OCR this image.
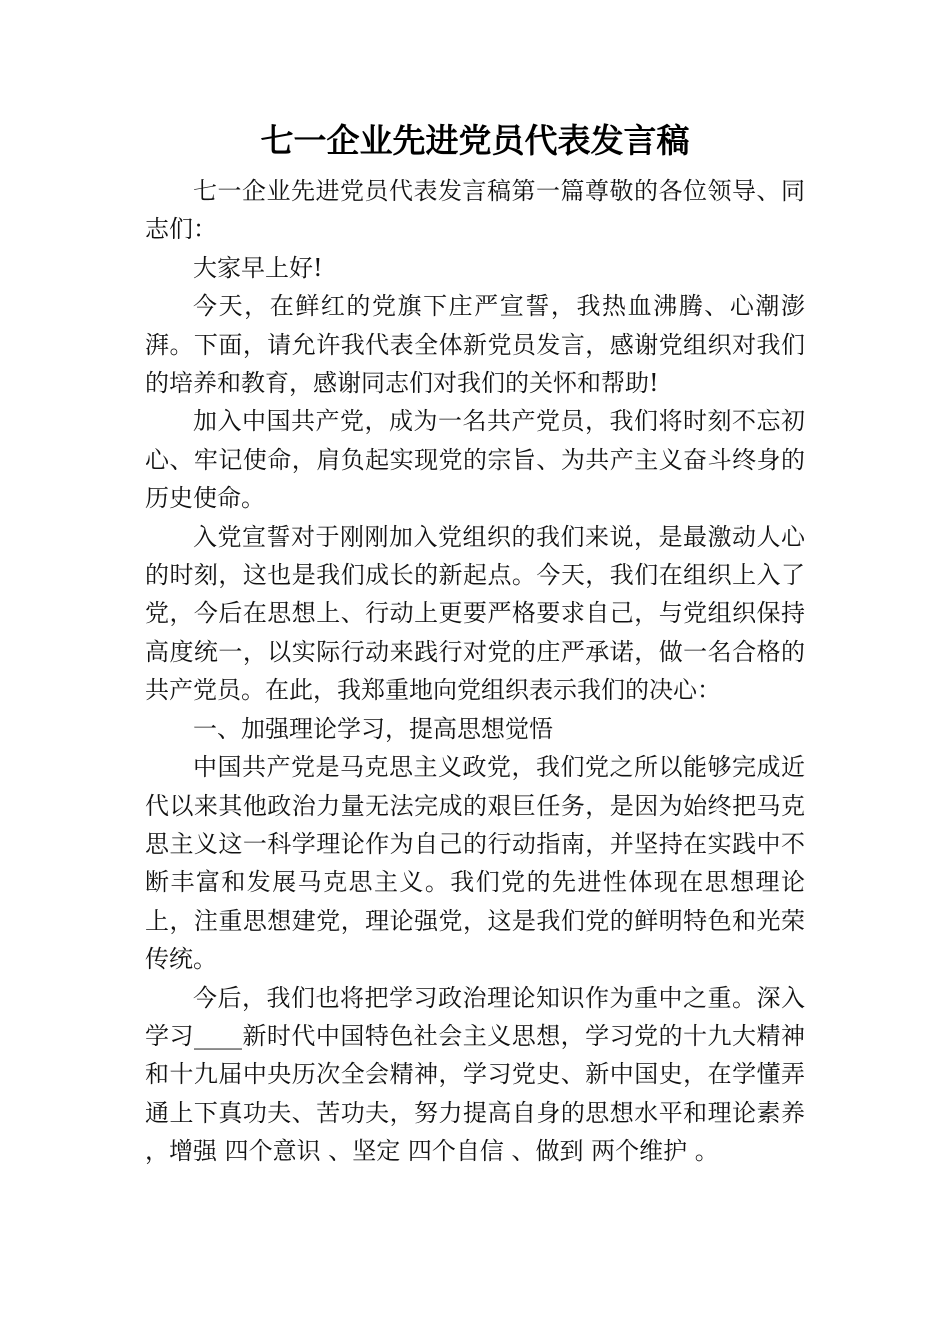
七一企业先进党员代表发言稿

七一企业先进党员代表发言稿第一篇尊敬的各位领导、同志们：

大家早上好!

今天，在鲜红的党旗下庄严宣誓，我热血沸腾、心潮澎湃。下面，请允许我代表全体新党员发言，感谢党组织对我们的培养和教育，感谢同志们对我们的关怀和帮助!

加入中国共产党，成为一名共产党员，我们将时刻不忘初心、牢记使命，肩负起实现党的宗旨、为共产主义奋斗终身的历史使命。

入党宣誓对于刚刚加入党组织的我们来说，是最激动人心的时刻，这也是我们成长的新起点。今天，我们在组织上入了党，今后在思想上、行动上更要严格要求自己，与党组织保持高度统一，以实际行动来践行对党的庄严承诺，做一名合格的共产党员。在此，我郑重地向党组织表示我们的决心：

一、加强理论学习，提高思想觉悟

中国共产党是马克思主义政党，我们党之所以能够完成近代以来其他政治力量无法完成的艰巨任务，是因为始终把马克思主义这一科学理论作为自己的行动指南，并坚持在实践中不断丰富和发展马克思主义。我们党的先进性体现在思想理论上，注重思想建党，理论强党，这是我们党的鲜明特色和光荣传统。

今后，我们也将把学习政治理论知识作为重中之重。深入学习____新时代中国特色社会主义思想，学习党的十九大精神和十九届中央历次全会精神，学习党史、新中国史，在学懂弄通上下真功夫、苦功夫，努力提高自身的思想水平和理论素养 ，增强 四个意识 、坚定 四个自信 、做到 两个维护 。
